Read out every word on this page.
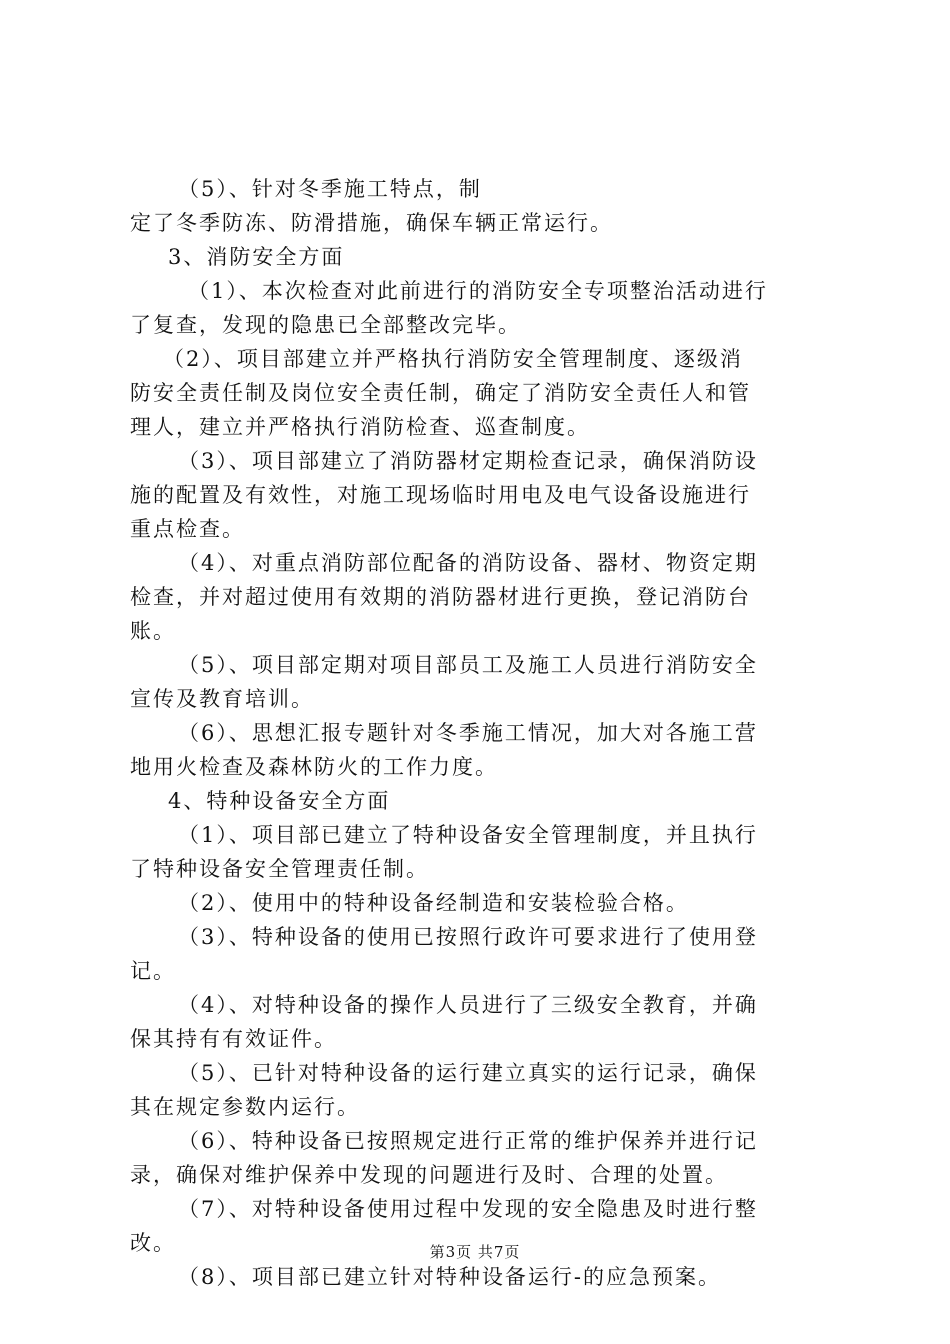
（5）、针对冬季施工特点，制
定了冬季防冻、防滑措施，确保车辆正常运行。
3、消防安全方面
（1）、本次检查对此前进行的消防安全专项整治活动进行
了复查，发现的隐患已全部整改完毕。
（2）、项目部建立并严格执行消防安全管理制度、逐级消
防安全责任制及岗位安全责任制，确定了消防安全责任人和管
理人，建立并严格执行消防检查、巡查制度。
（3）、项目部建立了消防器材定期检查记录，确保消防设
施的配置及有效性，对施工现场临时用电及电气设备设施进行
重点检查。
（4）、对重点消防部位配备的消防设备、器材、物资定期
检查，并对超过使用有效期的消防器材进行更换，登记消防台
账。
（5）、项目部定期对项目部员工及施工人员进行消防安全
宣传及教育培训。
（6）、思想汇报专题针对冬季施工情况，加大对各施工营
地用火检查及森林防火的工作力度。
4、特种设备安全方面
（1）、项目部已建立了特种设备安全管理制度，并且执行
了特种设备安全管理责任制。
（2）、使用中的特种设备经制造和安装检验合格。
（3）、特种设备的使用已按照行政许可要求进行了使用登
记。
（4）、对特种设备的操作人员进行了三级安全教育，并确
保其持有有效证件。
（5）、已针对特种设备的运行建立真实的运行记录，确保
其在规定参数内运行。
（6）、特种设备已按照规定进行正常的维护保养并进行记
录，确保对维护保养中发现的问题进行及时、合理的处置。
（7）、对特种设备使用过程中发现的安全隐患及时进行整
改。
（8）、项目部已建立针对特种设备运行-的应急预案。
第3页 共7页
